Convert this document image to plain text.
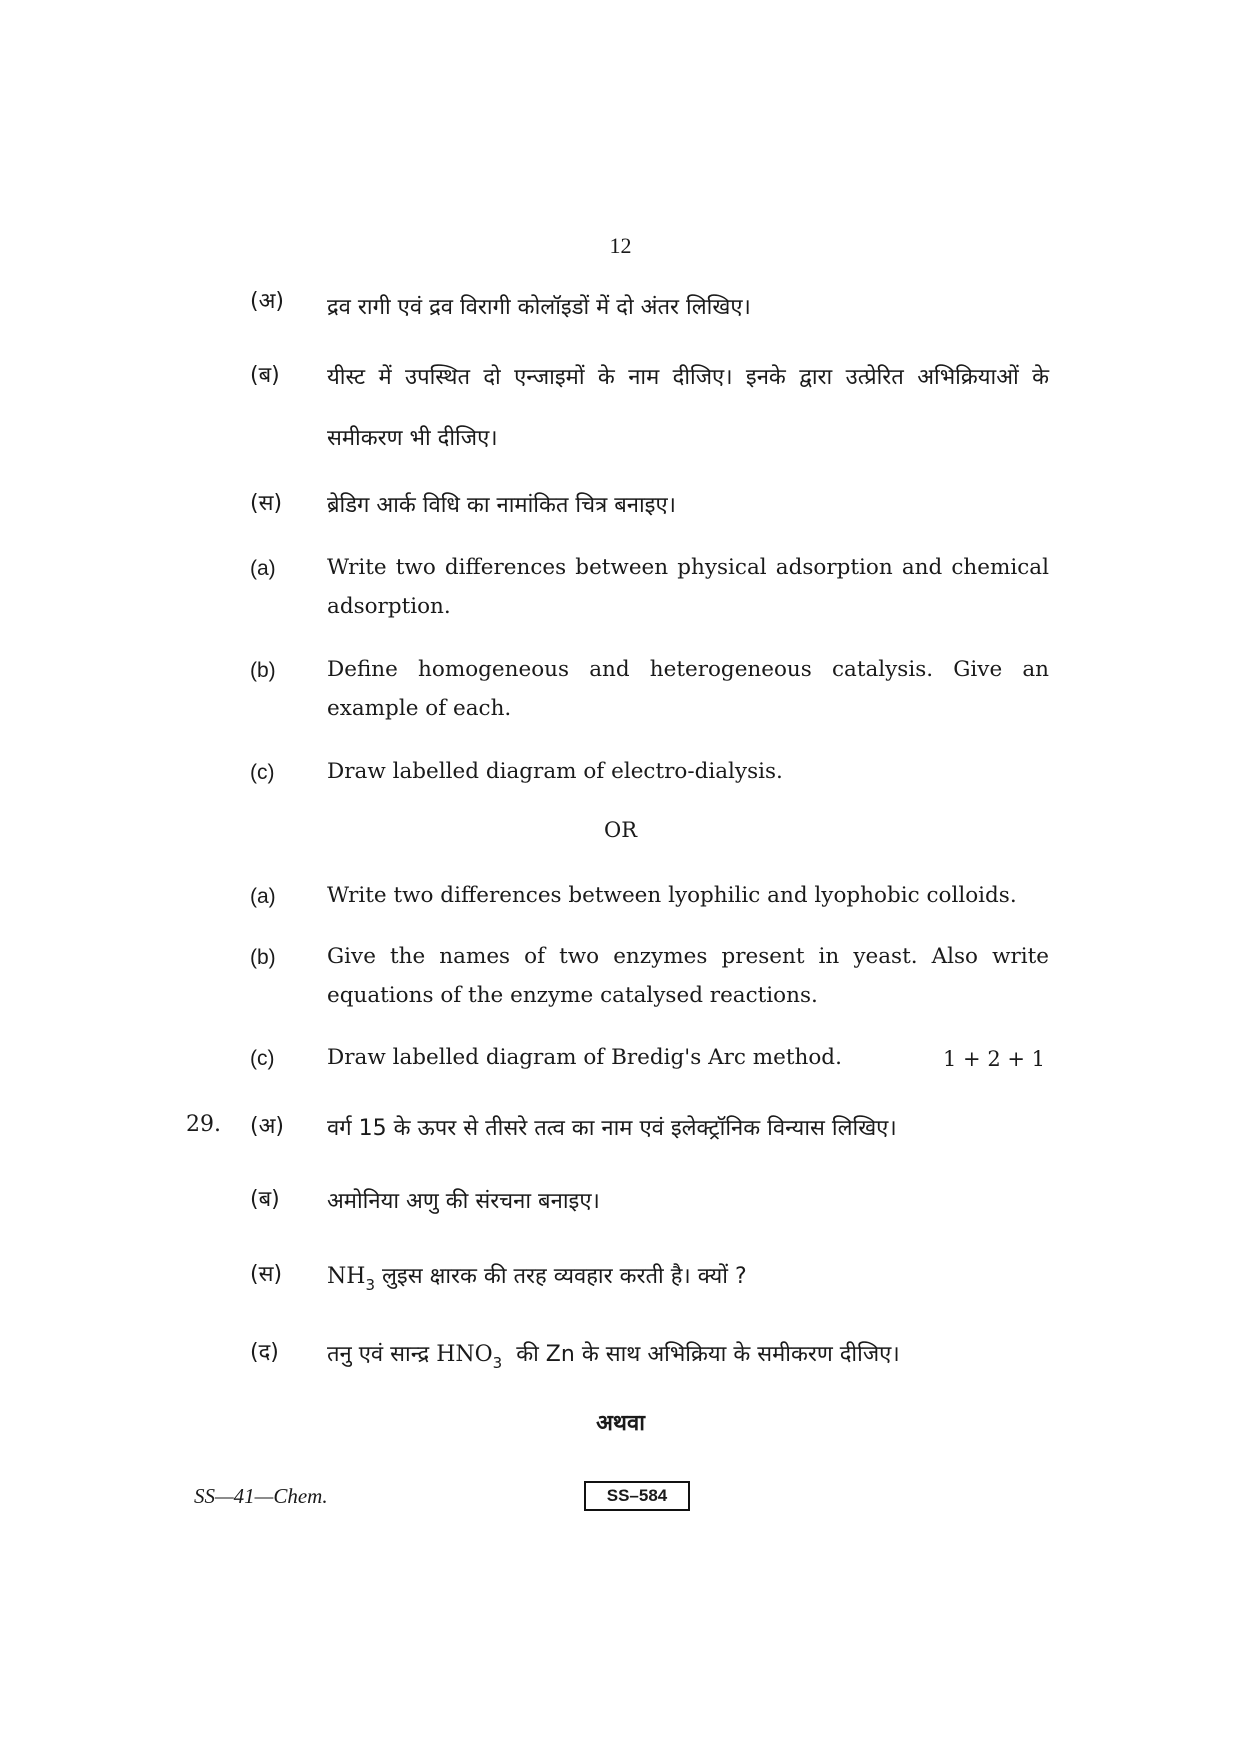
12
(अ)	द्रव रागी एवं द्रव विरागी कोलॉइडों में दो अंतर लिखिए।
(ब)	यीस्ट में उपस्थित दो एन्जाइमों के नाम दीजिए। इनके द्वारा उत्प्रेरित अभिक्रियाओं के समीकरण भी दीजिए।
(स)	ब्रेडिग आर्क विधि का नामांकित चित्र बनाइए।
(a)	Write two differences between physical adsorption and chemical adsorption.
(b)	Define homogeneous and heterogeneous catalysis. Give an example of each.
(c)	Draw labelled diagram of electro-dialysis.
OR
(a)	Write two differences between lyophilic and lyophobic colloids.
(b)	Give the names of two enzymes present in yeast. Also write equations of the enzyme catalysed reactions.
(c)	Draw labelled diagram of Bredig's Arc method.	1 + 2 + 1
29.	(अ)	वर्ग 15 के ऊपर से तीसरे तत्व का नाम एवं इलेक्ट्रॉनिक विन्यास लिखिए।
(ब)	अमोनिया अणु की संरचना बनाइए।
(स)	$NH_3$ लुइस क्षारक की तरह व्यवहार करती है। क्यों ?
(द)	तनु एवं सान्द्र $HNO_3$ की Zn के साथ अभिक्रिया के समीकरण दीजिए।
अथवा
SS—41—Chem.	SS–584
